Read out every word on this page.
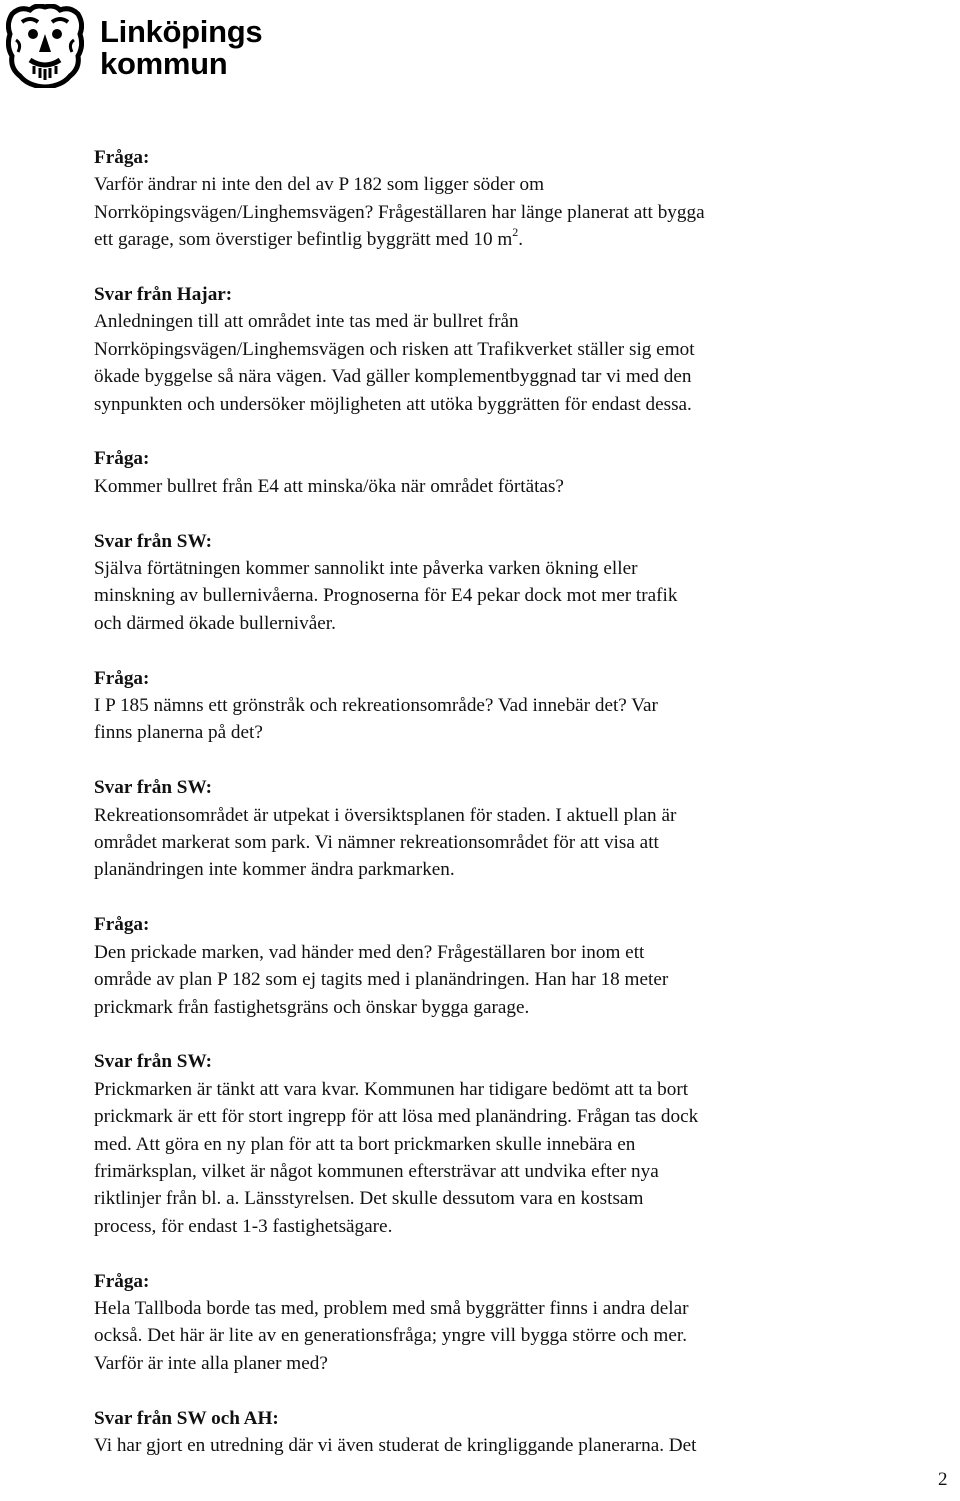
Linköpings
kommun
Fråga:
Varför ändrar ni inte den del av P 182 som ligger söder om
Norrköpingsvägen/Linghemsvägen? Frågeställaren har länge planerat att bygga
ett garage, som överstiger befintlig byggrätt med 10 $m^2$.
Svar från Hajar:
Anledningen till att området inte tas med är bullret från
Norrköpingsvägen/Linghemsvägen och risken att Trafikverket ställer sig emot
ökade byggelse så nära vägen. Vad gäller komplementbyggnad tar vi med den
synpunkten och undersöker möjligheten att utöka byggrätten för endast dessa.
Fråga:
Kommer bullret från E4 att minska/öka när området förtätas?
Svar från SW:
Själva förtätningen kommer sannolikt inte påverka varken ökning eller
minskning av bullernivåerna. Prognoserna för E4 pekar dock mot mer trafik
och därmed ökade bullernivåer.
Fråga:
I P 185 nämns ett grönstråk och rekreationsområde? Vad innebär det? Var
finns planerna på det?
Svar från SW:
Rekreationsområdet är utpekat i översiktsplanen för staden. I aktuell plan är
området markerat som park. Vi nämner rekreationsområdet för att visa att
planändringen inte kommer ändra parkmarken.
Fråga:
Den prickade marken, vad händer med den? Frågeställaren bor inom ett
område av plan P 182 som ej tagits med i planändringen. Han har 18 meter
prickmark från fastighetsgräns och önskar bygga garage.
Svar från SW:
Prickmarken är tänkt att vara kvar. Kommunen har tidigare bedömt att ta bort
prickmark är ett för stort ingrepp för att lösa med planändring. Frågan tas dock
med. Att göra en ny plan för att ta bort prickmarken skulle innebära en
frimärksplan, vilket är något kommunen eftersträvar att undvika efter nya
riktlinjer från bl. a. Länsstyrelsen. Det skulle dessutom vara en kostsam
process, för endast 1-3 fastighetsägare.
Fråga:
Hela Tallboda borde tas med, problem med små byggrätter finns i andra delar
också. Det här är lite av en generationsfråga; yngre vill bygga större och mer.
Varför är inte alla planer med?
Svar från SW och AH:
Vi har gjort en utredning där vi även studerat de kringliggande planerarna. Det
2
